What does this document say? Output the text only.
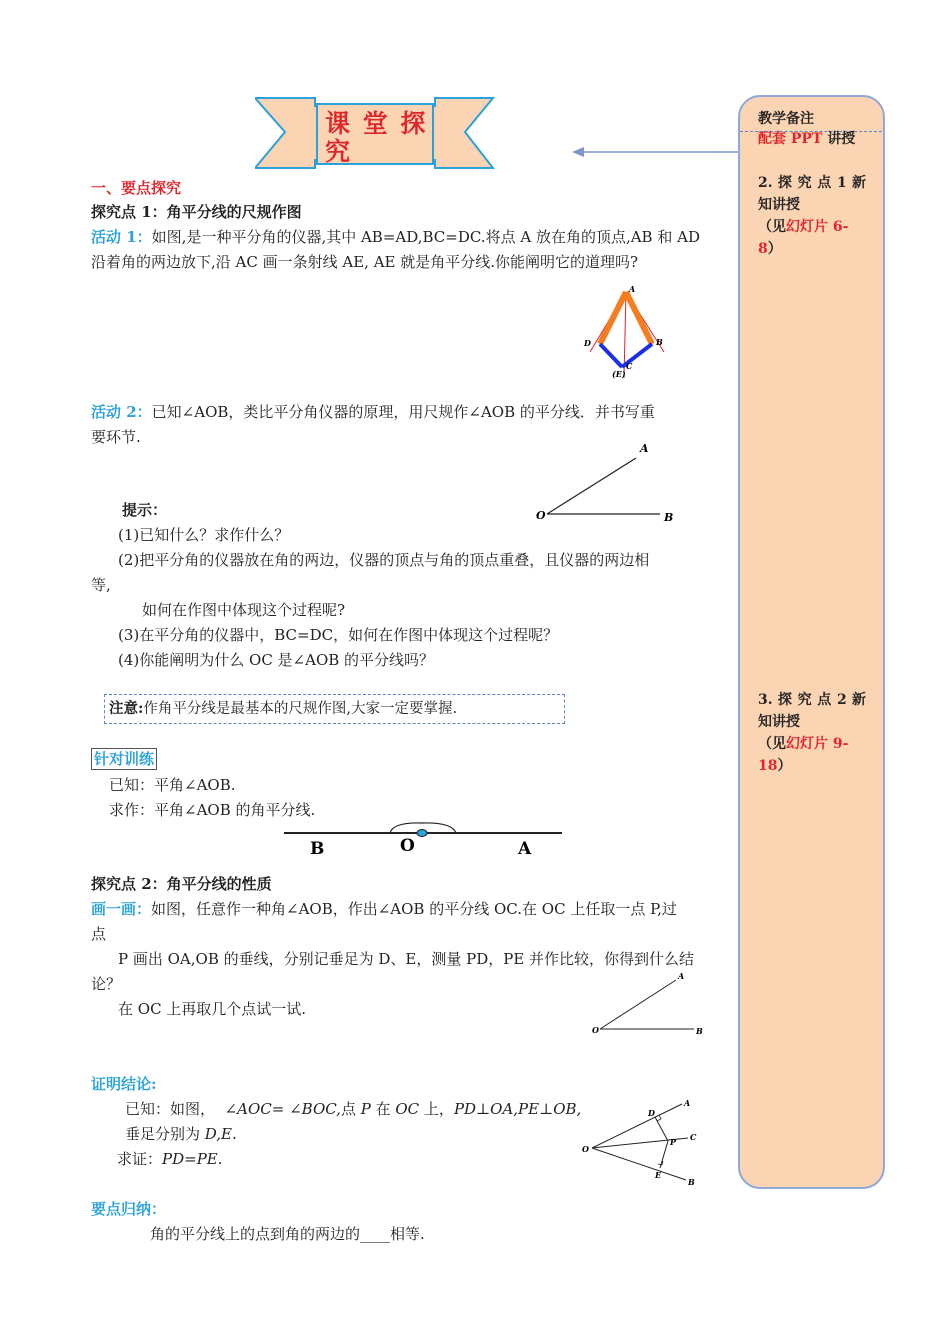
课 堂 探 究
一、要点探究
探究点 1：角平分线的尺规作图
活动 1：如图,是一种平分角的仪器,其中 AB=AD,BC=DC.将点 A 放在角的顶点,AB 和 AD
沿着角的两边放下,沿 AC 画一条射线 AE, AE 就是角平分线.你能阐明它的道理吗?
A
B
C
D
(E)
活动 2：已知∠AOB，类比平分角仪器的原理，用尺规作∠AOB 的平分线．并书写重
要环节.
O
A
B
提示：
(1)已知什么？求作什么？
(2)把平分角的仪器放在角的两边，仪器的顶点与角的顶点重叠，且仪器的两边相
等,
如何在作图中体现这个过程呢?
(3)在平分角的仪器中，BC=DC，如何在作图中体现这个过程呢？
(4)你能阐明为什么 OC 是∠AOB 的平分线吗？
注意:作角平分线是最基本的尺规作图,大家一定要掌握.
针对训练
已知：平角∠AOB.
求作：平角∠AOB 的角平分线.
B	O	A
探究点 2：角平分线的性质
画一画：如图，任意作一种角∠AOB，作出∠AOB 的平分线 OC.在 OC 上任取一点 P,过
点
P 画出 OA,OB 的垂线，分别记垂足为 D、E，测量 PD，PE 并作比较，你得到什么结
论？
在 OC 上再取几个点试一试.
O
A
B
证明结论:
已知：如图， ∠AOC= ∠BOC,点 P 在 OC 上，PD⊥OA,PE⊥OB,
垂足分别为 D,E.
求证：PD=PE.
O
A
B
C
D
E
P
要点归纳：
角的平分线上的点到角的两边的____相等.
教学备注
配套 PPT 讲授
2. 探 究 点 1 新知讲授
（见幻灯片 6-8）
3. 探 究 点 2 新知讲授
（见幻灯片 9-18）
